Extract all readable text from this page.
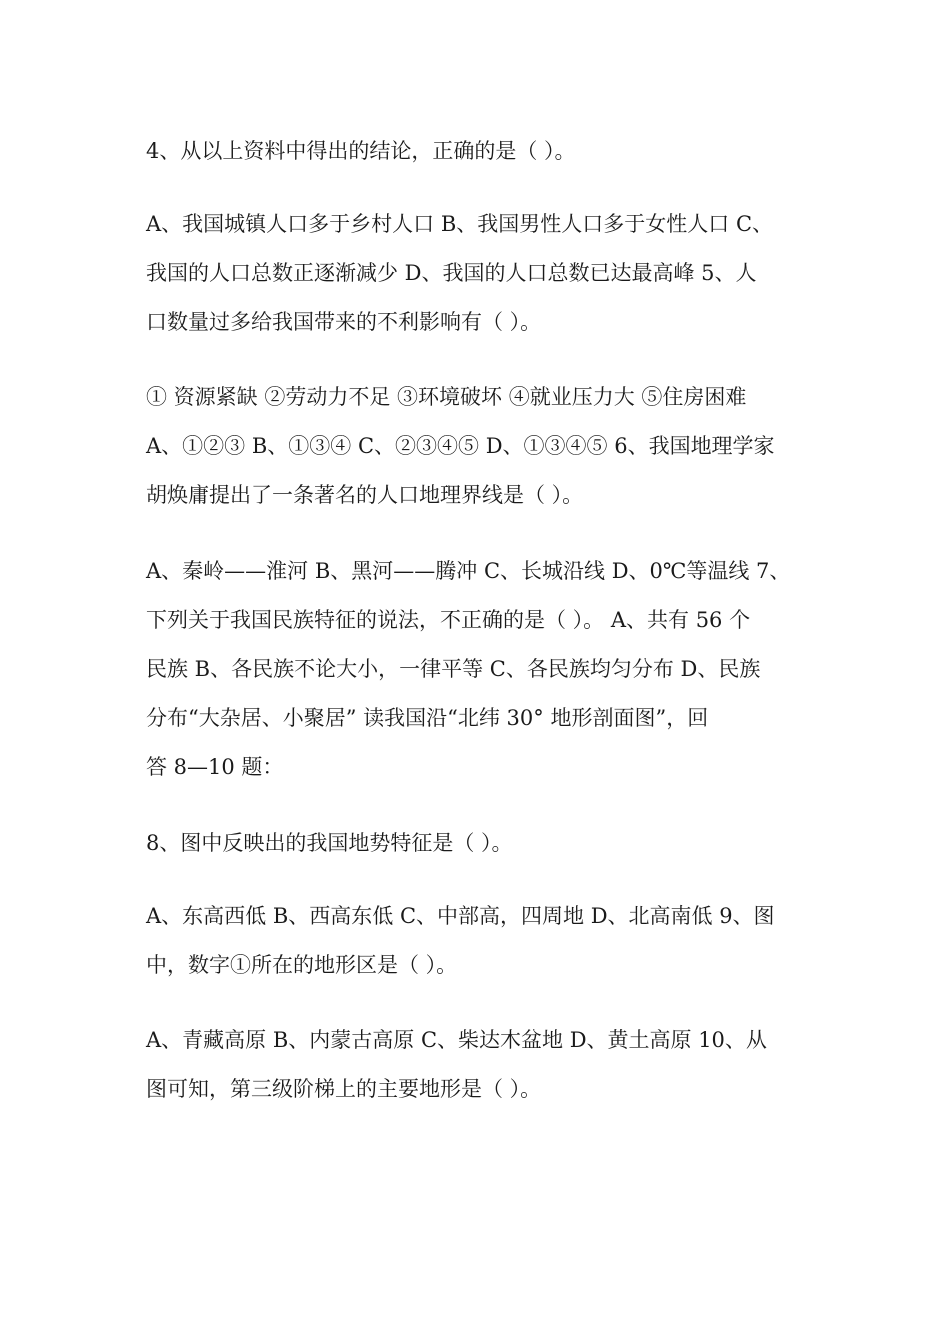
4、从以上资料中得出的结论，正确的是（ ）。
A、我国城镇人口多于乡村人口 B、我国男性人口多于女性人口 C、
我国的人口总数正逐渐减少 D、我国的人口总数已达最高峰 5、人
口数量过多给我国带来的不利影响有（ ）。
① 资源紧缺 ②劳动力不足 ③环境破坏 ④就业压力大 ⑤住房困难
A、①②③ B、①③④ C、②③④⑤ D、①③④⑤ 6、我国地理学家
胡焕庸提出了一条著名的人口地理界线是（ ）。
A、秦岭——淮河 B、黑河——腾冲 C、长城沿线 D、0℃等温线 7、
下列关于我国民族特征的说法，不正确的是（ ）。 A、共有 56 个
民族 B、各民族不论大小，一律平等 C、各民族均匀分布 D、民族
分布“大杂居、小聚居” 读我国沿“北纬 30° 地形剖面图”，回
答 8—10 题：
8、图中反映出的我国地势特征是（ ）。
A、东高西低 B、西高东低 C、中部高，四周地 D、北高南低 9、图
中，数字①所在的地形区是（ ）。
A、青藏高原 B、内蒙古高原 C、柴达木盆地 D、黄土高原 10、从
图可知，第三级阶梯上的主要地形是（ ）。
